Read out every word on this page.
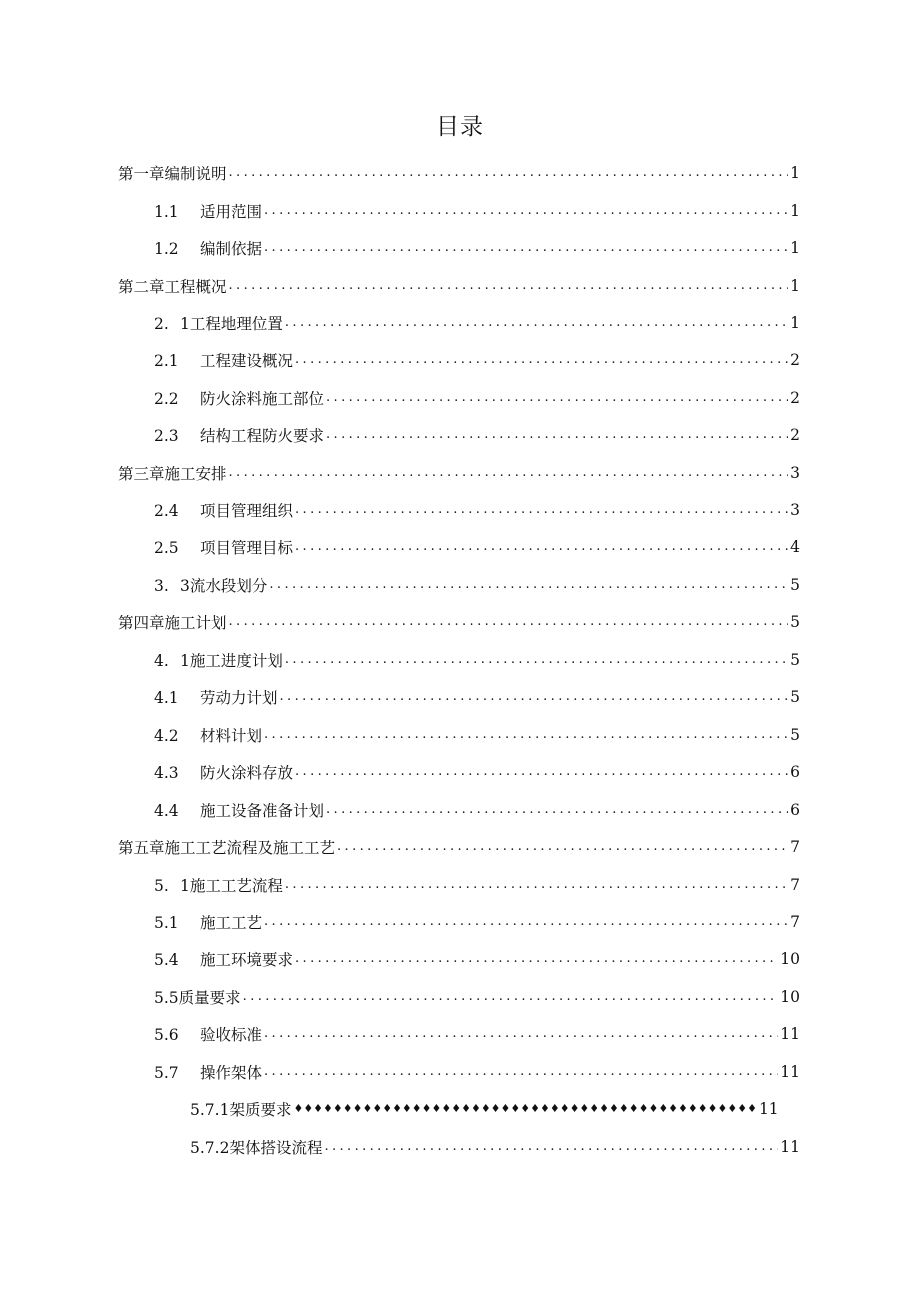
目录
第一章编制说明 .....	1
1.1 适用范围 .....	1
1.2 编制依据 .....	1
第二章工程概况 .....	1
2. 1工程地理位置 .....	1
2.1 工程建设概况 .....	2
2.2 防火涂料施工部位 .....	2
2.3 结构工程防火要求 .....	2
第三章施工安排 .....	3
2.4 项目管理组织 .....	3
2.5 项目管理目标 .....	4
3. 3流水段划分 .....	5
第四章施工计划 .....	5
4. 1施工进度计划 .....	5
4.1 劳动力计划 .....	5
4.2 材料计划 .....	5
4.3 防火涂料存放 .....	6
4.4 施工设备准备计划 .....	6
第五章施工工艺流程及施工工艺 .....	7
5. 1施工工艺流程 .....	7
5.1 施工工艺 .....	7
5.4 施工环境要求 .....	10
5.5质量要求 .....	10
5.6 验收标准 .....	11
5.7 操作架体 .....	11
5.7.1架质要求 ♦♦♦♦♦♦♦♦♦♦♦♦♦♦♦♦♦♦♦♦♦♦♦♦♦♦♦♦♦♦♦♦♦♦♦♦♦♦♦♦♦♦♦♦♦♦♦ 11
5.7.2架体搭设流程 .....	11
